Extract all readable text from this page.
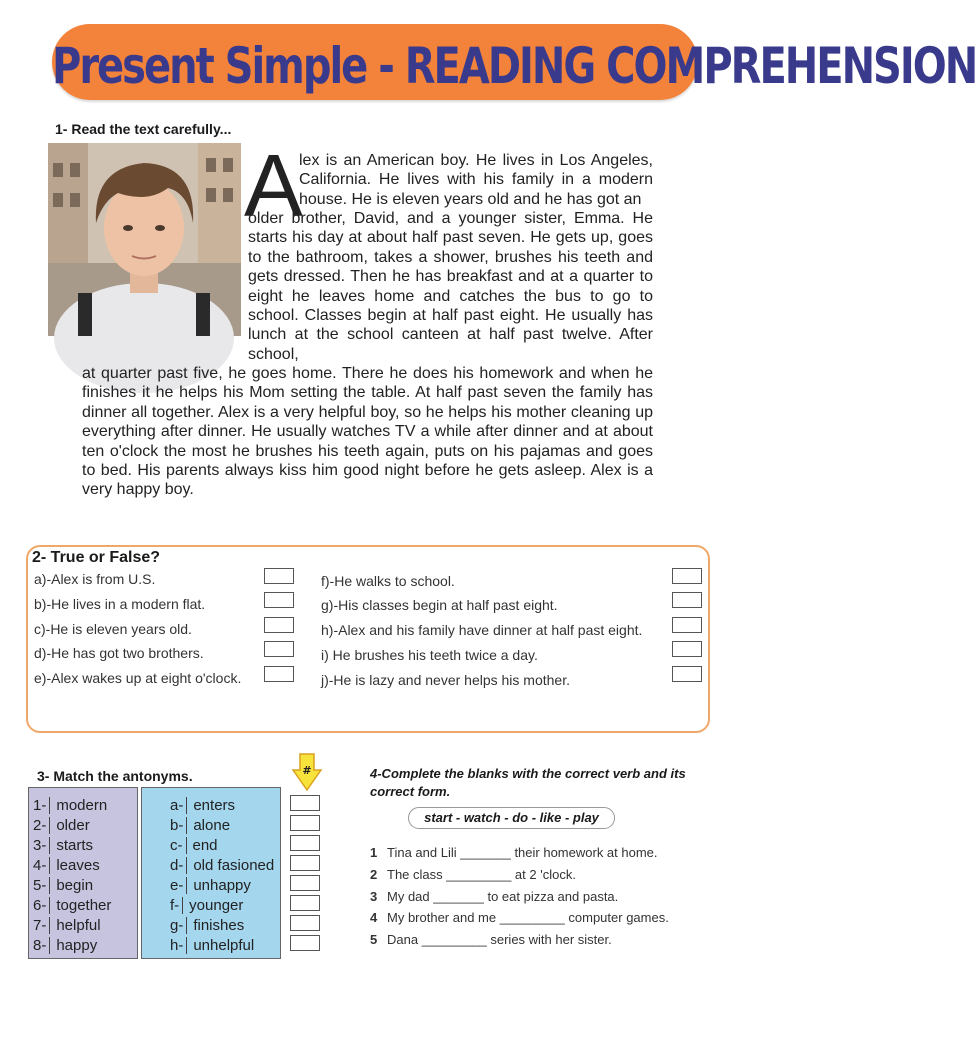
Present Simple - READING COMPREHENSION
1- Read the text carefully...
A
lex is an American boy. He lives in Los Angeles, California. He lives with his family in a modern house. He is eleven years old and he has got an
older brother, David, and a younger sister, Emma. He starts his day at about half past seven. He gets up, goes to the bathroom, takes a shower, brushes his teeth and gets dressed. Then he has breakfast and at a quarter to eight he leaves home and catches the bus to go to school. Classes begin at half past eight. He usually has lunch at the school canteen at half past twelve. After school,
at quarter past five, he goes home. There he does his homework and when he finishes it he helps his Mom setting the table. At half past seven the family has dinner all together. Alex is a very helpful boy, so he helps his mother cleaning up everything after dinner. He usually watches TV a while after dinner and at about ten o'clock the most he brushes his teeth again, puts on his pajamas and goes to bed. His parents always kiss him good night before he gets asleep. Alex is a very happy boy.
2- True or False?
a)-Alex is from U.S.
b)-He lives in a modern flat.
c)-He is eleven years old.
d)-He has got two brothers.
e)-Alex wakes up at eight o'clock.
f)-He walks to school.
g)-His classes begin at half past eight.
h)-Alex and his family have dinner at half past eight.
i) He brushes his teeth twice a day.
j)-He is lazy and never helps his mother.
3- Match the antonyms.	#
1- modern
2- older
3- starts
4- leaves
5- begin
6- together
7- helpful
8- happy
a- enters
b- alone
c- end
d- old fasioned
e- unhappy
f- younger
g- finishes
h- unhelpful
4-Complete the blanks with the correct verb and its correct form.
start - watch - do - like - play
1 Tina and Lili _______ their homework at home.
2 The class _________ at 2 'clock.
3 My dad _______ to eat pizza and pasta.
4 My brother and me _________ computer games.
5 Dana _________ series with her sister.
